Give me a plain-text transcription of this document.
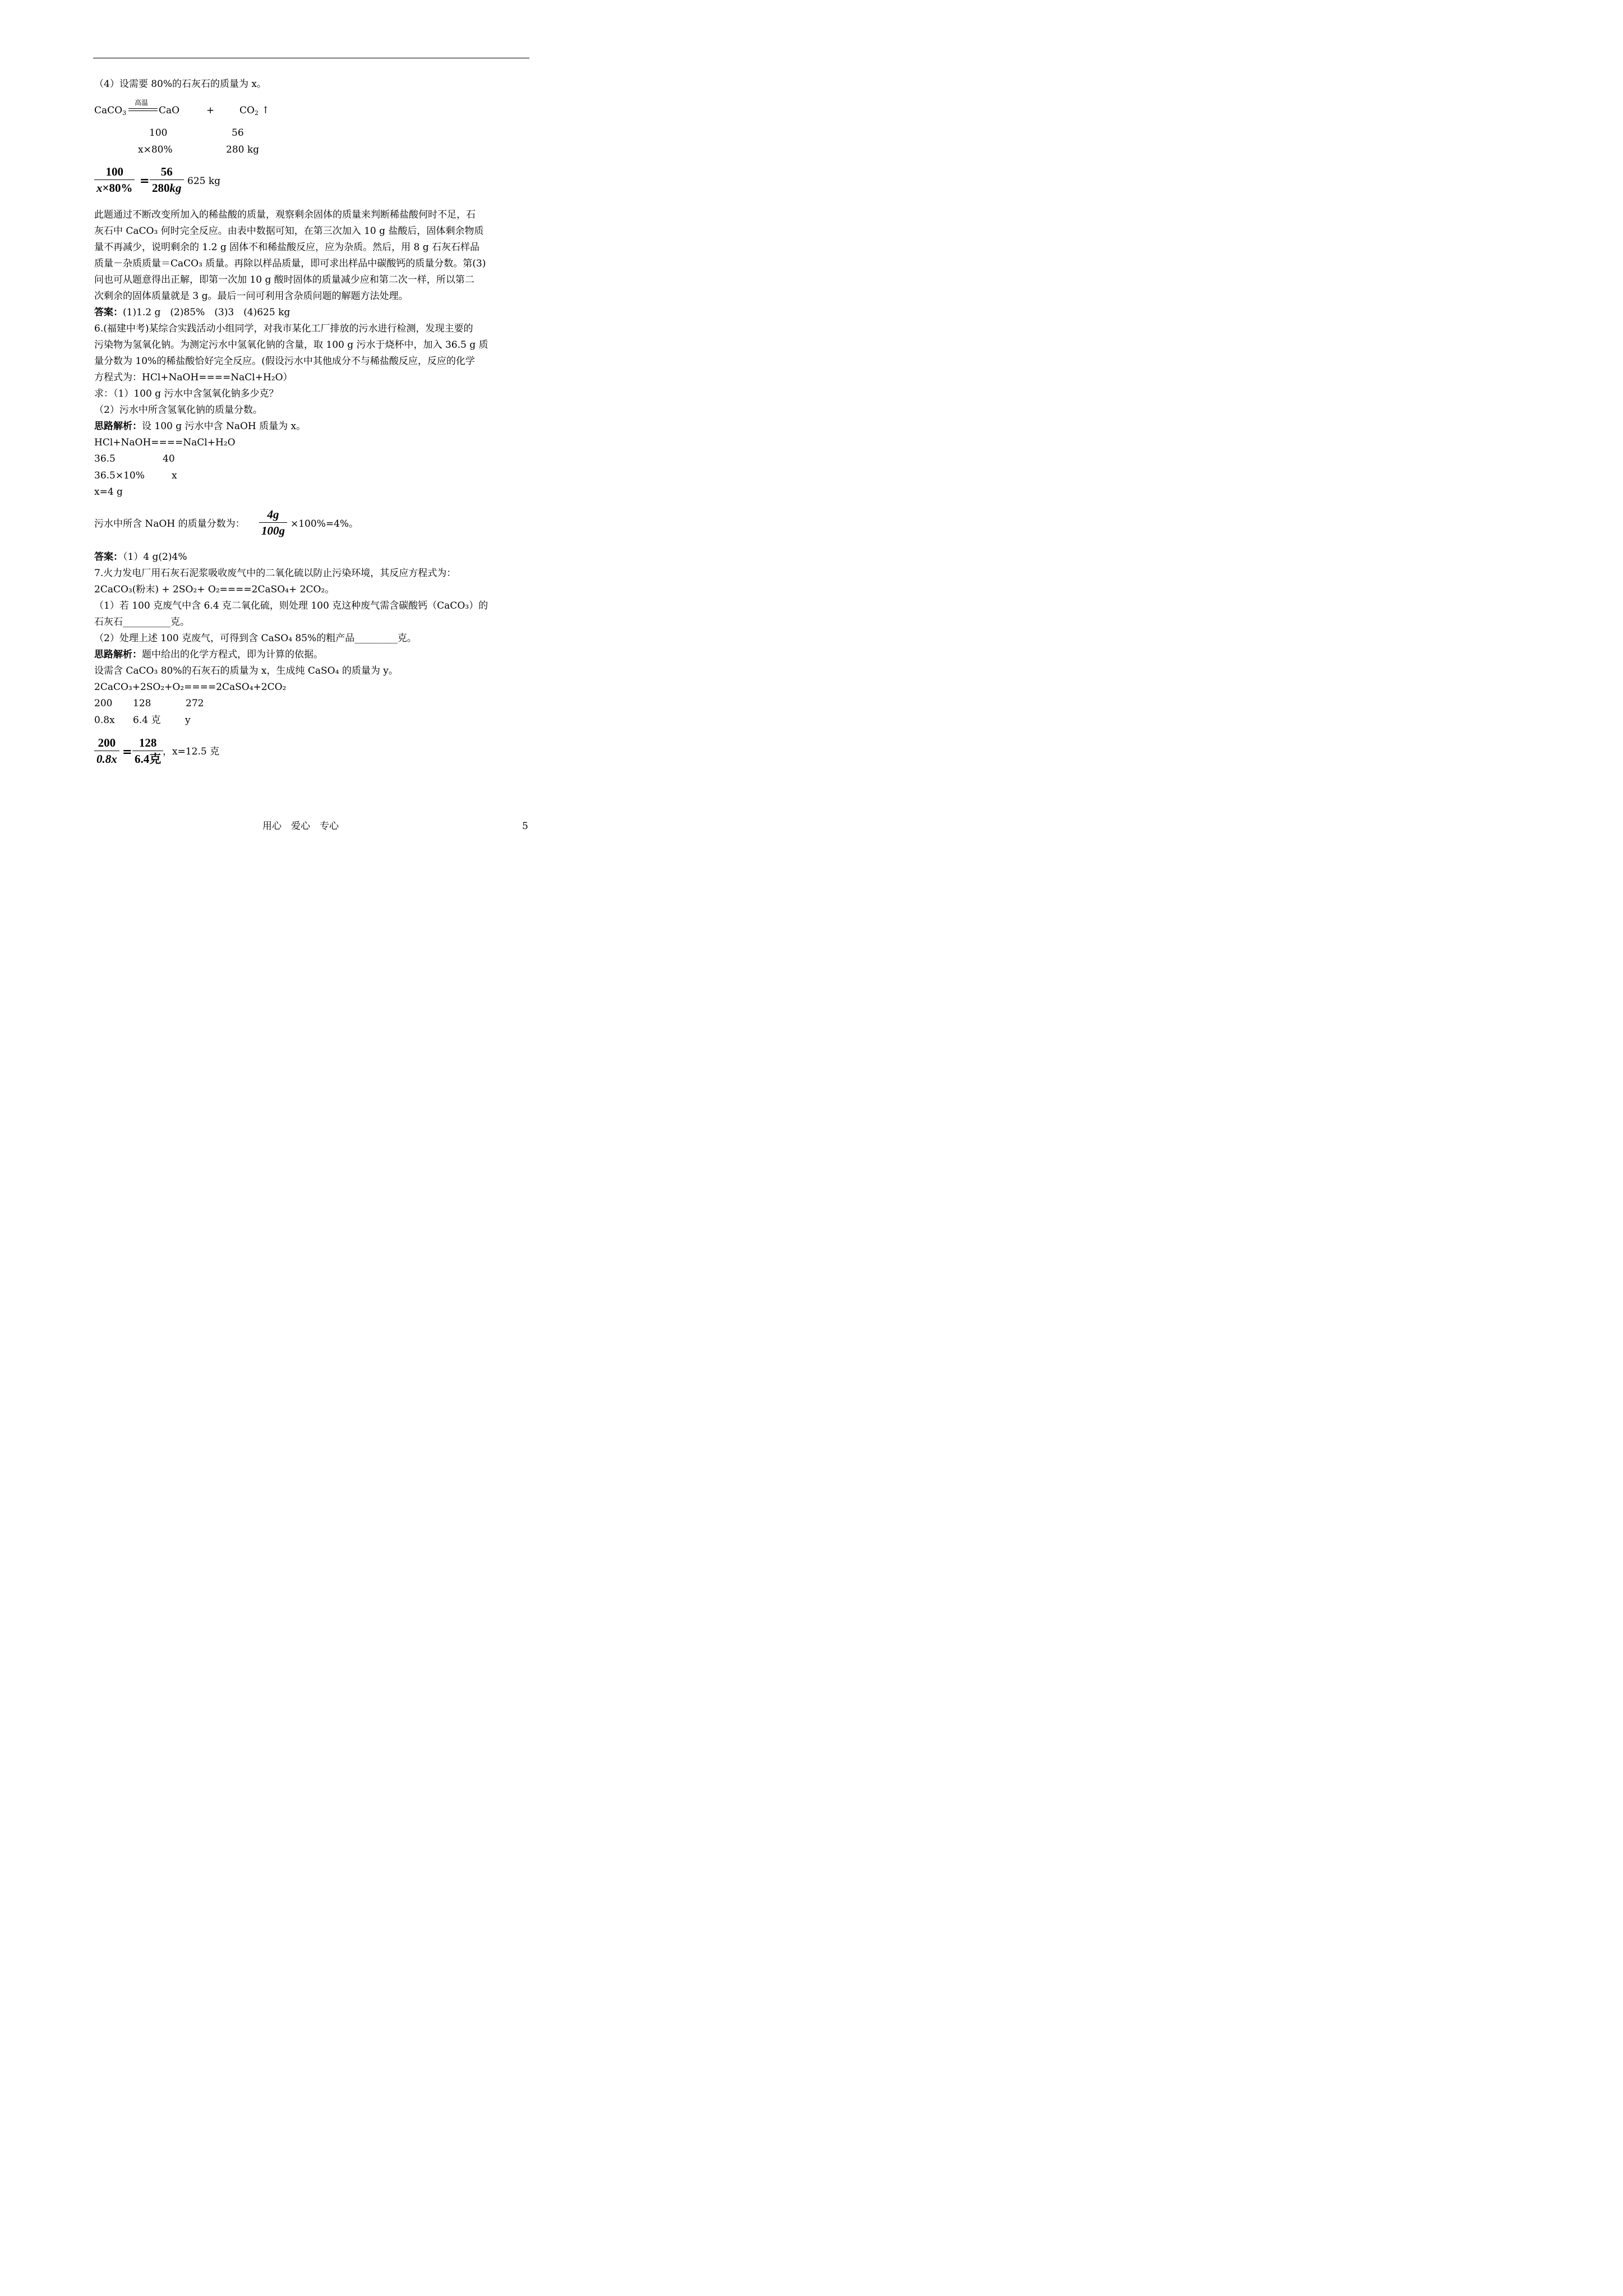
（4）设需要 80%的石灰石的质量为 x。
CaCO$_3$
高温
CaO	+	$CO_2$ ↑
100	56
x×80%	280 kg
$\frac{100}{x\times 80\%} = \frac{56}{280kg} 625$ kg
此题通过不断改变所加入的稀盐酸的质量，观察剩余固体的质量来判断稀盐酸何时不足，石
灰石中 CaCO₃ 何时完全反应。由表中数据可知，在第三次加入 10 g 盐酸后，固体剩余物质
量不再减少，说明剩余的 1.2 g 固体不和稀盐酸反应，应为杂质。然后，用 8 g 石灰石样品
质量－杂质质量＝CaCO₃ 质量。再除以样品质量，即可求出样品中碳酸钙的质量分数。第(3)
问也可从题意得出正解，即第一次加 10 g 酸时固体的质量减少应和第二次一样，所以第二
次剩余的固体质量就是 3 g。最后一问可利用含杂质问题的解题方法处理。
答案：(1)1.2 g　(2)85%　(3)3　(4)625 kg
6.(福建中考)某综合实践活动小组同学，对我市某化工厂排放的污水进行检测，发现主要的
污染物为氢氧化钠。为测定污水中氢氧化钠的含量，取 100 g 污水于烧杯中，加入 36.5 g 质
量分数为 10%的稀盐酸恰好完全反应。(假设污水中其他成分不与稀盐酸反应，反应的化学
方程式为：HCl+NaOH====NaCl+H₂O）
求：（1）100 g 污水中含氢氧化钠多少克？
（2）污水中所含氢氧化钠的质量分数。
思路解析：设 100 g 污水中含 NaOH 质量为 x。
HCl+NaOH====NaCl+H₂O
36.5	40
36.5×10%	x
x=4 g
污水中所含 NaOH 的质量分数为： $\frac{4g}{100g} \times 100\%=4\%$。
答案：（1）4 g(2)4%
7.火力发电厂用石灰石泥浆吸收废气中的二氧化硫以防止污染环境，其反应方程式为：
2CaCO₃(粉末) + 2SO₂+ O₂====2CaSO₄+ 2CO₂。
（1）若 100 克废气中含 6.4 克二氧化硫，则处理 100 克这种废气需含碳酸钙（CaCO₃）的
石灰石__________克。
（2）处理上述 100 克废气，可得到含 CaSO₄ 85%的粗产品_________克。
思路解析：题中给出的化学方程式，即为计算的依据。
设需含 CaCO₃ 80%的石灰石的质量为 x，生成纯 CaSO₄ 的质量为 y。
2CaCO₃+2SO₂+O₂====2CaSO₄+2CO₂
200 128	272
0.8x 6.4 克	y
$\frac{200}{0.8x}$ =
128
6.4克
，x=12.5 克
用心　爱心　专心	5
